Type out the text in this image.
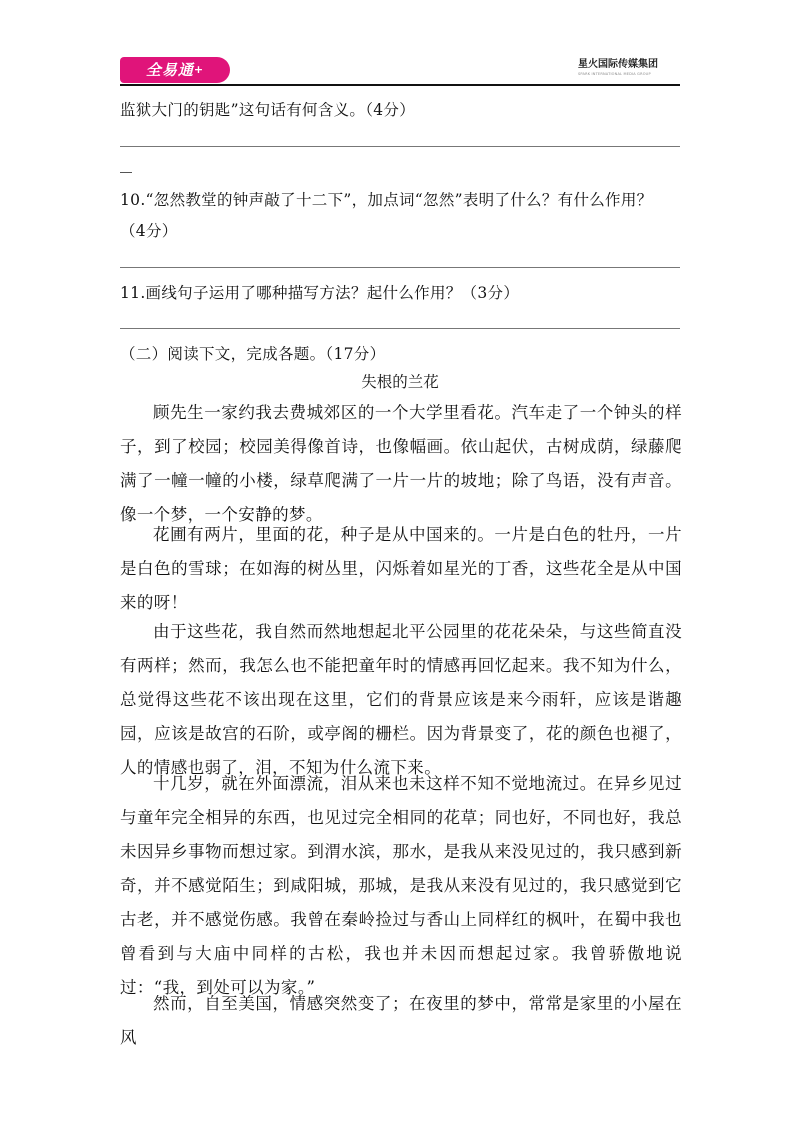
全易通+	星火国际传媒集团
SPARK INTERNATIONAL MEDIA GROUP
监狱大门的钥匙”这句话有何含义。（4分）
10.“忽然教堂的钟声敲了十二下”，加点词“忽然”表明了什么？有什么作用？
（4分）
11.画线句子运用了哪种描写方法？起什么作用？（3分）
（二）阅读下文，完成各题。（17分）
失根的兰花
顾先生一家约我去费城郊区的一个大学里看花。汽车走了一个钟头的样子，到了校园；校园美得像首诗，也像幅画。依山起伏，古树成荫，绿藤爬满了一幢一幢的小楼，绿草爬满了一片一片的坡地；除了鸟语，没有声音。像一个梦，一个安静的梦。
花圃有两片，里面的花，种子是从中国来的。一片是白色的牡丹，一片是白色的雪球；在如海的树丛里，闪烁着如星光的丁香，这些花全是从中国来的呀！
由于这些花，我自然而然地想起北平公园里的花花朵朵，与这些简直没有两样；然而，我怎么也不能把童年时的情感再回忆起来。我不知为什么，总觉得这些花不该出现在这里，它们的背景应该是来今雨轩，应该是谐趣园，应该是故宫的石阶，或亭阁的栅栏。因为背景变了，花的颜色也褪了，人的情感也弱了，泪，不知为什么流下来。
十几岁，就在外面漂流，泪从来也未这样不知不觉地流过。在异乡见过与童年完全相异的东西，也见过完全相同的花草；同也好，不同也好，我总未因异乡事物而想过家。到渭水滨，那水，是我从来没见过的，我只感到新奇，并不感觉陌生；到咸阳城，那城，是我从来没有见过的，我只感觉到它古老，并不感觉伤感。我曾在秦岭捡过与香山上同样红的枫叶，在蜀中我也曾看到与大庙中同样的古松，我也并未因而想起过家。我曾骄傲地说过：“我，到处可以为家。”
然而，自至美国，情感突然变了；在夜里的梦中，常常是家里的小屋在风
